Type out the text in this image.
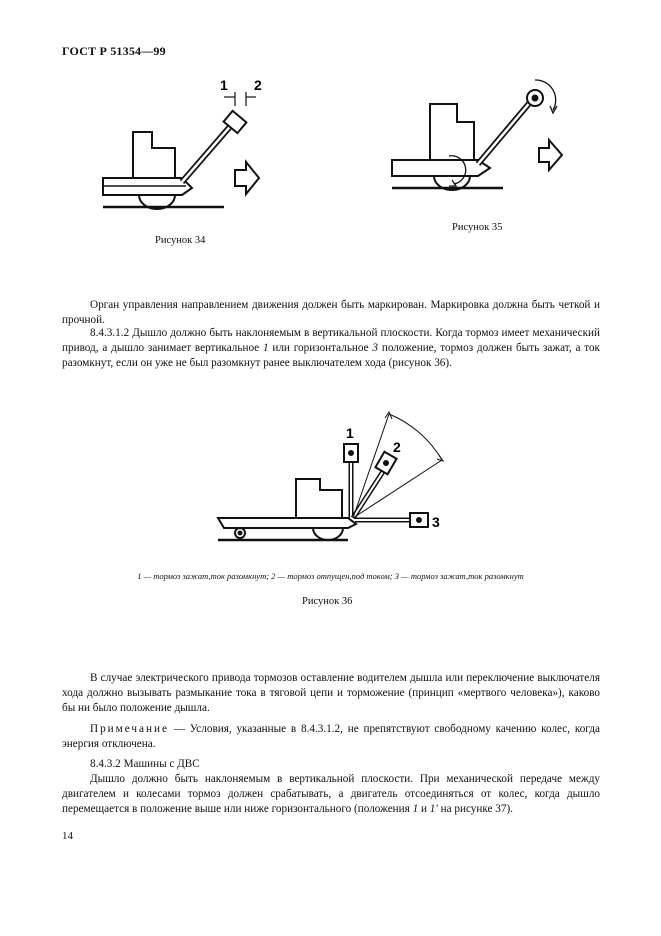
ГОСТ Р 51354—99
1 2
1
2
3
Рисунок 34
Рисунок 35
Орган управления направлением движения должен быть маркирован. Маркировка должна быть четкой и прочной.
8.4.3.1.2 Дышло должно быть наклоняемым в вертикальной плоскости. Когда тормоз имеет механический привод, а дышло занимает вертикальное 1 или горизонтальное 3 положение, тормоз должен быть зажат, а ток разомкнут, если он уже не был разомкнут ранее выключателем хода (рисунок 36).
1 — тормоз зажат,ток разомкнут; 2 — тормоз отпущен,под током; 3 — тормоз зажат,ток разомкнут
Рисунок 36
В случае электрического привода тормозов оставление водителем дышла или переключение выключателя хода должно вызывать размыкание тока в тяговой цепи и торможение (принцип «мертвого человека»), каково бы ни было положение дышла.
Примечание — Условия, указанные в 8.4.3.1.2, не препятствуют свободному качению колес, когда энергия отключена.
8.4.3.2 Машины с ДВС
Дышло должно быть наклоняемым в вертикальной плоскости. При механической передаче между двигателем и колесами тормоз должен срабатывать, а двигатель отсоединяться от колес, когда дышло перемещается в положение выше или ниже горизонтального (положения 1 и 1′ на рисунке 37).
14
